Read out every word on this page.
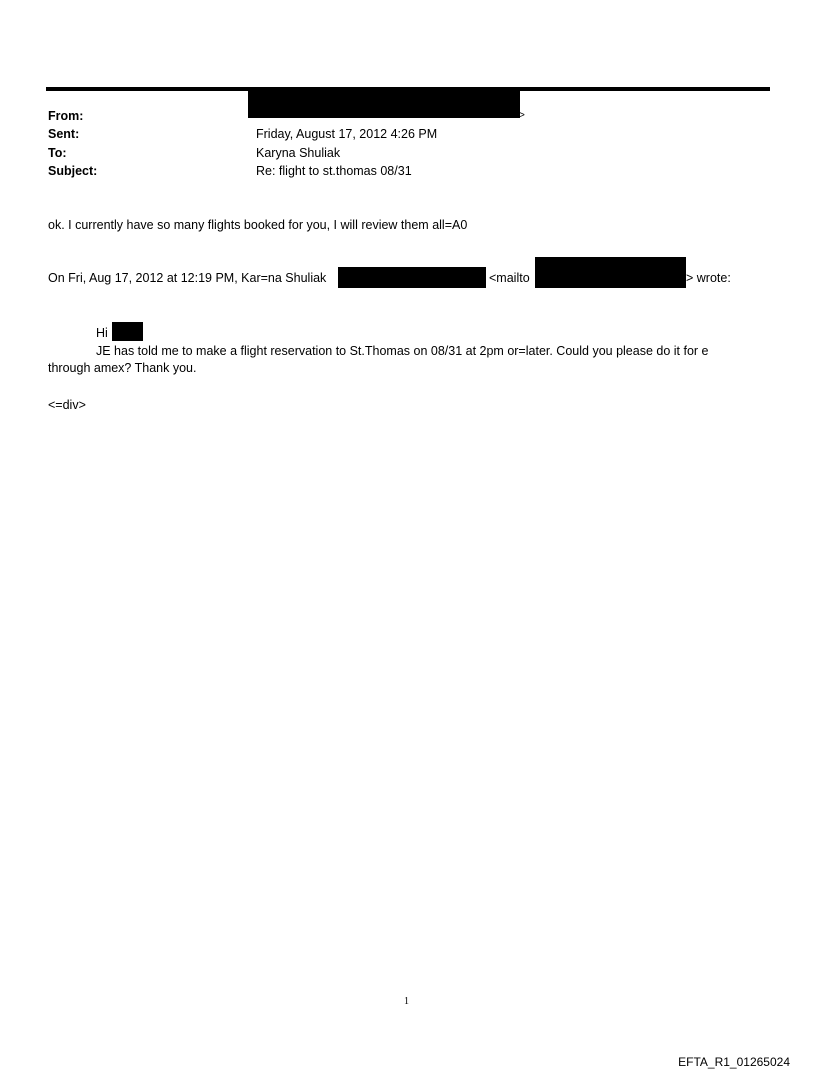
From:
Sent:
To:
Subject:
>
Friday, August 17, 2012 4:26 PM
Karyna Shuliak
Re: flight to st.thomas 08/31
ok. I currently have so many flights booked for you, I will review them all=A0
On Fri, Aug 17, 2012 at 12:19 PM, Kar=na Shuliak	<mailto	> wrote:
Hi
JE has told me to make a flight reservation to St.Thomas on 08/31 at 2pm or=later. Could you please do it for e
through amex? Thank you.
<=div>
1
EFTA_R1_01265024
